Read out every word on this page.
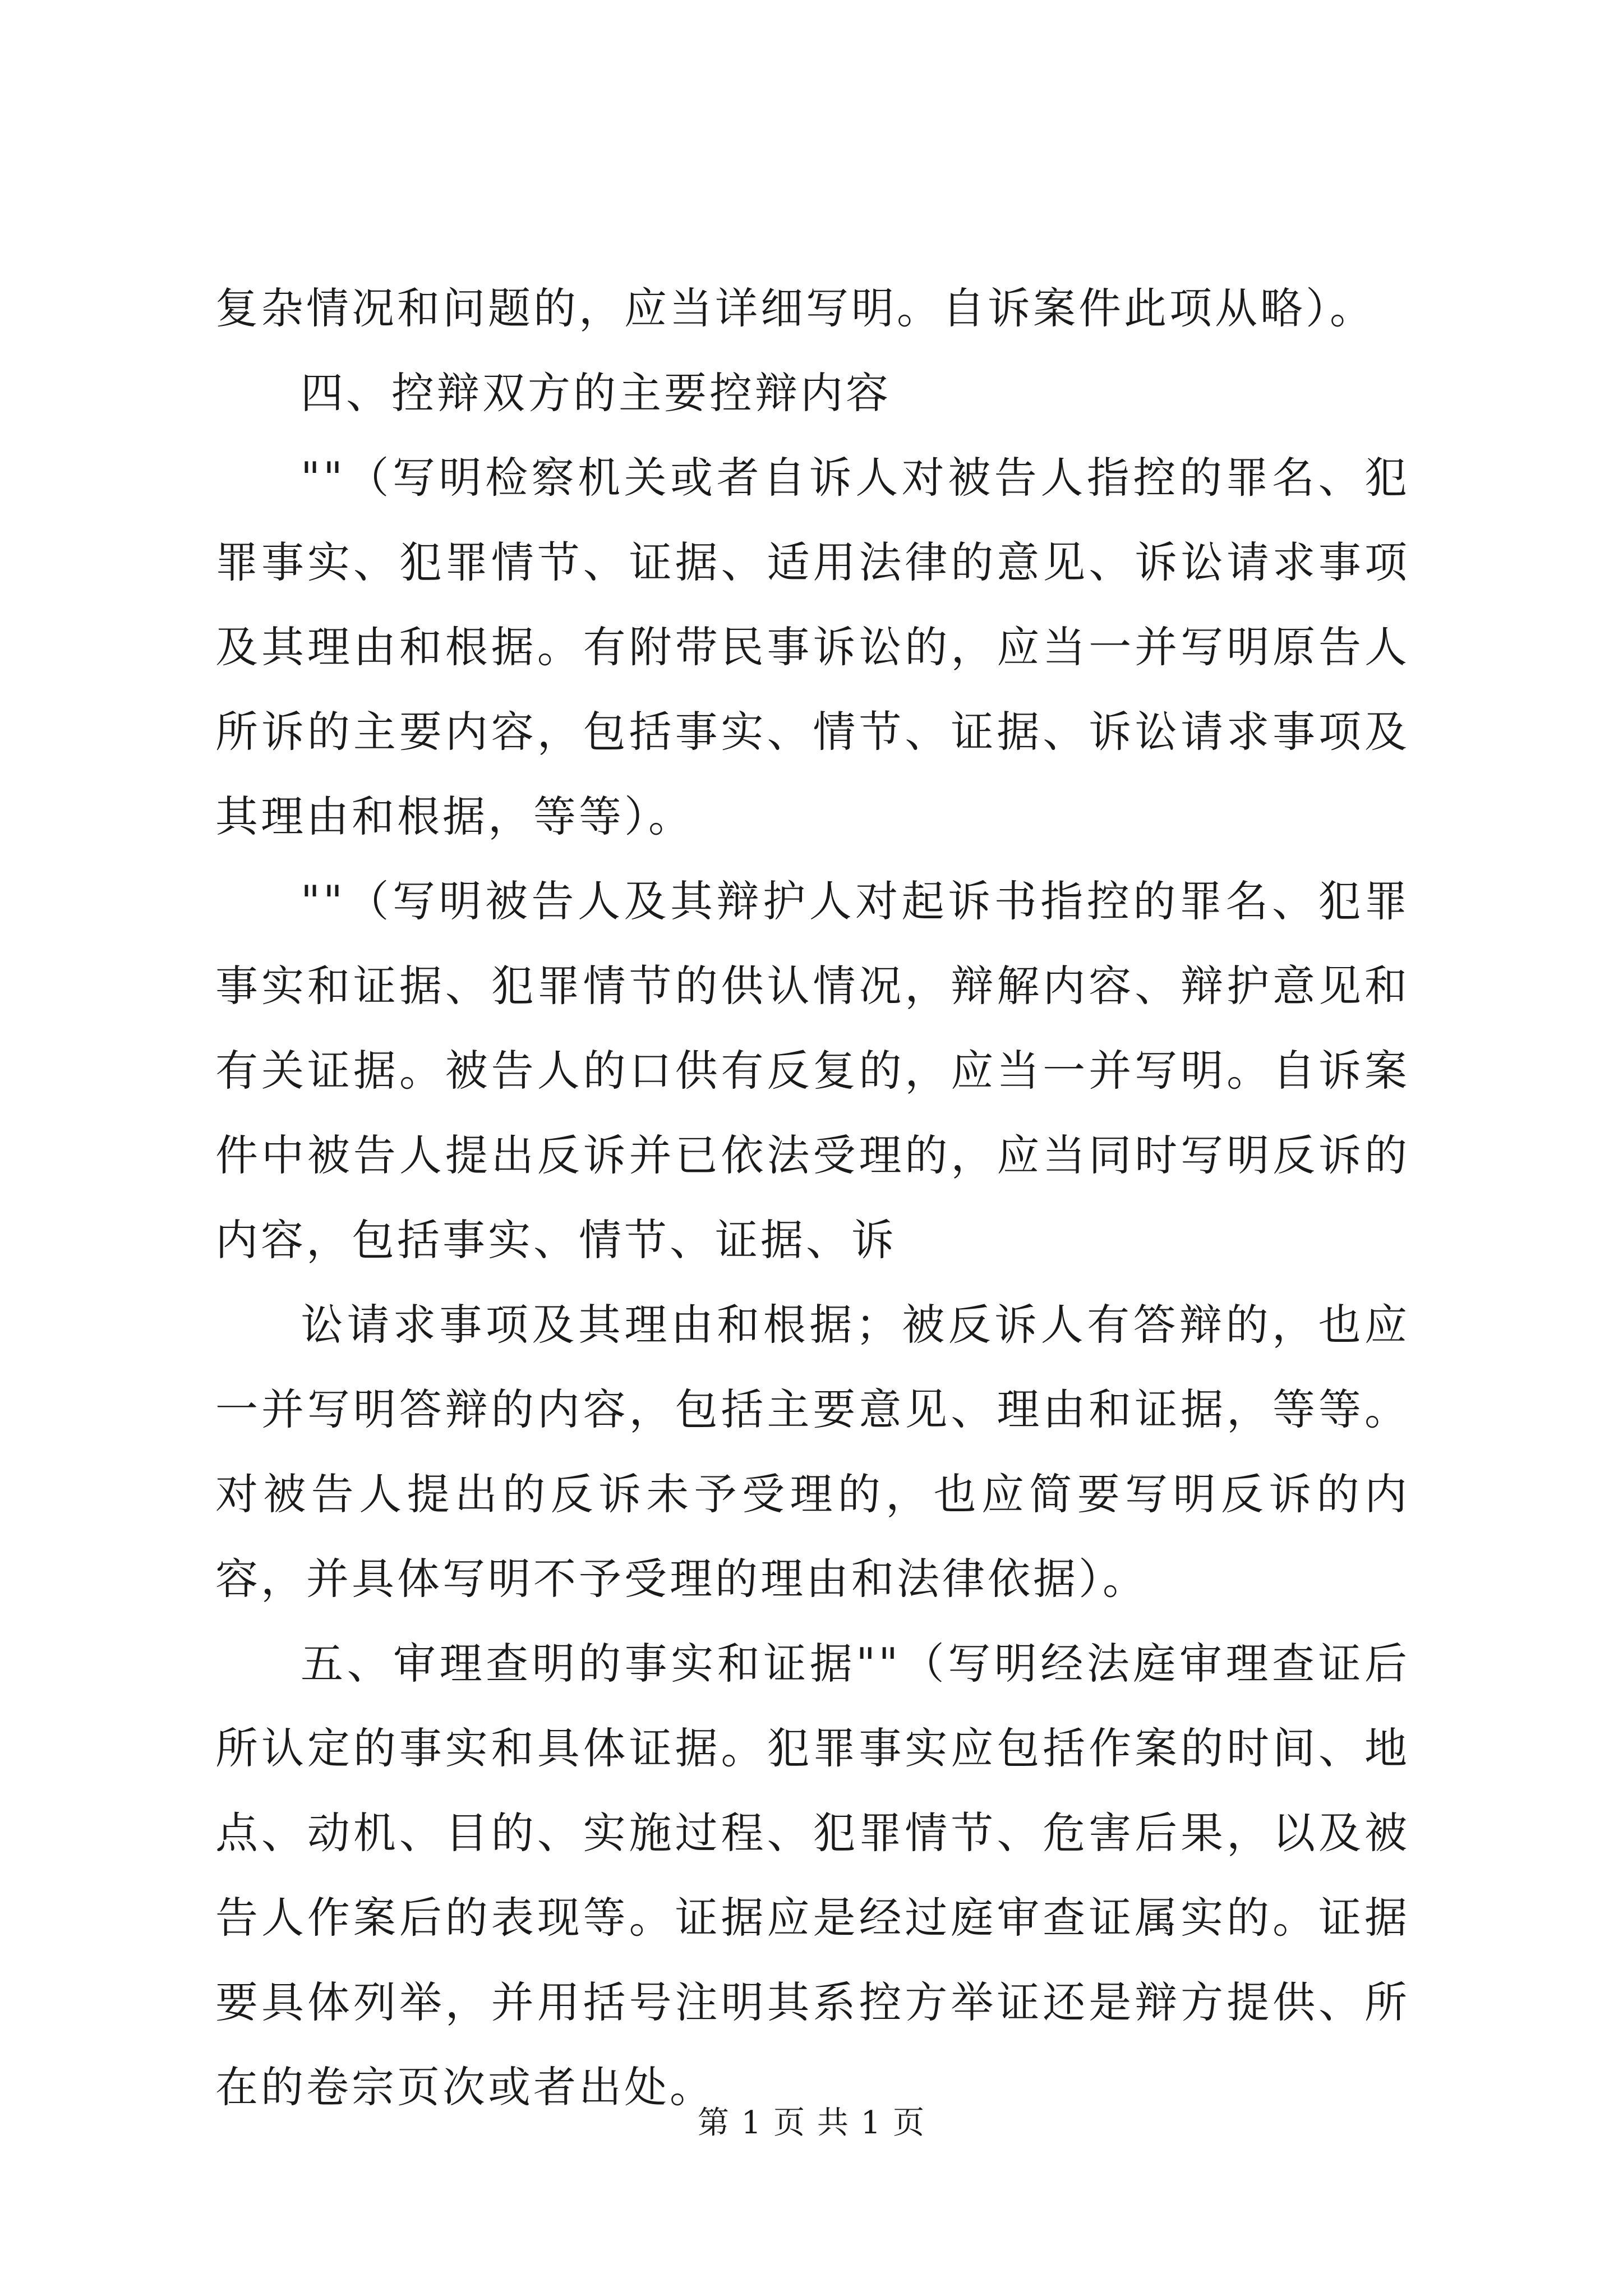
复杂情况和问题的，应当详细写明。自诉案件此项从略）。

四、控辩双方的主要控辩内容

""（写明检察机关或者自诉人对被告人指控的罪名、犯罪事实、犯罪情节、证据、适用法律的意见、诉讼请求事项及其理由和根据。有附带民事诉讼的，应当一并写明原告人所诉的主要内容，包括事实、情节、证据、诉讼请求事项及其理由和根据，等等）。

""（写明被告人及其辩护人对起诉书指控的罪名、犯罪事实和证据、犯罪情节的供认情况，辩解内容、辩护意见和有关证据。被告人的口供有反复的，应当一并写明。自诉案件中被告人提出反诉并已依法受理的，应当同时写明反诉的内容，包括事实、情节、证据、诉

讼请求事项及其理由和根据；被反诉人有答辩的，也应一并写明答辩的内容，包括主要意见、理由和证据，等等。对被告人提出的反诉未予受理的，也应简要写明反诉的内容，并具体写明不予受理的理由和法律依据）。

五、审理查明的事实和证据""（写明经法庭审理查证后所认定的事实和具体证据。犯罪事实应包括作案的时间、地点、动机、目的、实施过程、犯罪情节、危害后果，以及被告人作案后的表现等。证据应是经过庭审查证属实的。证据要具体列举，并用括号注明其系控方举证还是辩方提供、所在的卷宗页次或者出处。

第 1 页 共 1 页
